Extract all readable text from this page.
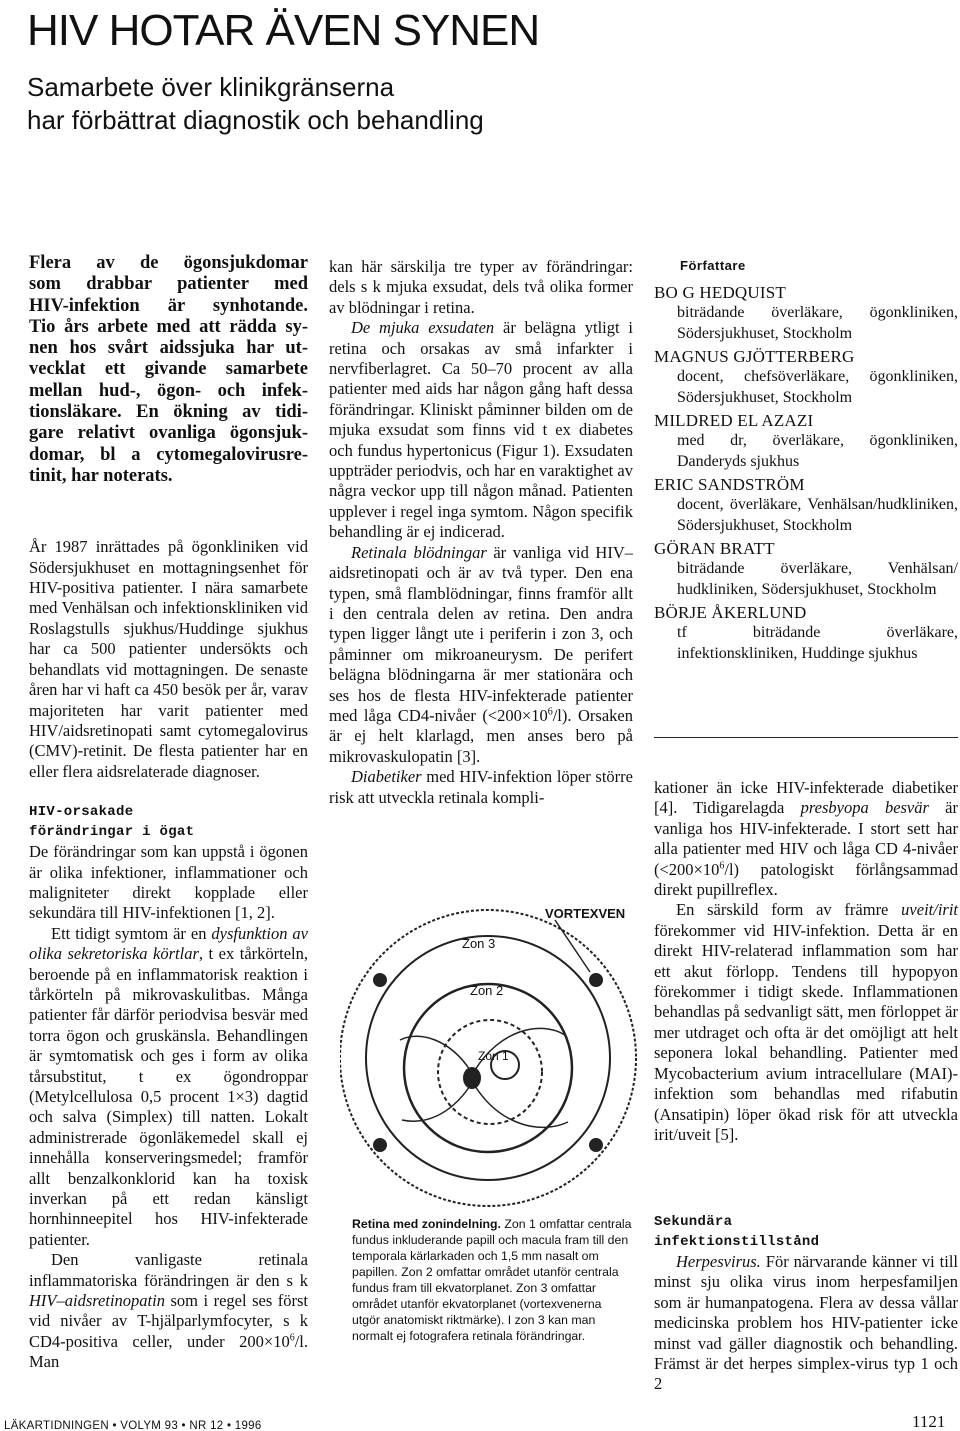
HIV HOTAR ÄVEN SYNEN
Samarbete över klinikgränserna
har förbättrat diagnostik och behandling
Flera av de ögonsjukdomar
som drabbar patienter med
HIV-infektion är synhotande.
Tio års arbete med att rädda sy-
nen hos svårt aidssjuka har ut-
vecklat ett givande samarbete
mellan hud-, ögon- och infek-
tionsläkare. En ökning av tidi-
gare relativt ovanliga ögonsjuk-
domar, bl a cytomegalovirusre-
tinit, har noterats.

År 1987 inrättades på ögonkliniken vid Södersjukhuset en mottagningsenhet för HIV-positiva patienter. I nära samarbete med Venhälsan och infektionskliniken vid Roslagstulls sjukhus/Huddinge sjukhus har ca 500 patienter undersökts och behandlats vid mottagningen. De senaste åren har vi haft ca 450 besök per år, varav majoriteten har varit patienter med HIV/aidsretinopati samt cytomegalovirus (CMV)-retinit. De flesta patienter har en eller flera aidsrelaterade diagnoser.

HIV-orsakade
förändringar i ögat

De förändringar som kan uppstå i ögonen är olika infektioner, inflammationer och maligniteter direkt kopplade eller sekundära till HIV-infektionen [1, 2].

Ett tidigt symtom är en dysfunktion av olika sekretoriska körtlar, t ex tårkörteln, beroende på en inflammatorisk reaktion i tårkörteln på mikrovaskulitbas. Många patienter får därför periodvisa besvär med torra ögon och gruskänsla. Behandlingen är symtomatisk och ges i form av olika tårsubstitut, t ex ögondroppar (Metylcellulosa 0,5 procent 1×3) dagtid och salva (Simplex) till natten. Lokalt administrerade ögonläkemedel skall ej innehålla konserveringsmedel; framför allt benzalkonklorid kan ha toxisk inverkan på ett redan känsligt hornhinneepitel hos HIV-infekterade patienter.

Den vanligaste retinala inflammatoriska förändringen är den s k HIV–aidsretinopatin som i regel ses först vid nivåer av T-hjälparlymfocyter, s k CD4-positiva celler, under $200\times 10^6/l$. Man

kan här särskilja tre typer av förändringar: dels s k mjuka exsudat, dels två olika former av blödningar i retina.

De mjuka exsudaten är belägna ytligt i retina och orsakas av små infarkter i nervfiberlagret. Ca 50–70 procent av alla patienter med aids har någon gång haft dessa förändringar. Kliniskt påminner bilden om de mjuka exsudat som finns vid t ex diabetes och fundus hypertonicus (Figur 1). Exsudaten uppträder periodvis, och har en varaktighet av några veckor upp till någon månad. Patienten upplever i regel inga symtom. Någon specifik behandling är ej indicerad.

Retinala blödningar är vanliga vid HIV–aidsretinopati och är av två typer. Den ena typen, små flamblödningar, finns framför allt i den centrala delen av retina. Den andra typen ligger långt ute i periferin i zon 3, och påminner om mikroaneurysm. De perifert belägna blödningarna är mer stationära och ses hos de flesta HIV-infekterade patienter med låga CD4-nivåer $(<200\times 10^6/l)$. Orsaken är ej helt klarlagd, men anses bero på mikrovaskulopatin [3].

Diabetiker med HIV-infektion löper större risk att utveckla retinala kompli-

VORTEXVEN
Zon 3
Zon 2
Zon 1
Retina med zonindelning. Zon 1 omfattar centrala fundus inkluderande papill och macula fram till den temporala kärlarkaden och 1,5 mm nasalt om papillen. Zon 2 omfattar området utanför centrala fundus fram till ekvatorplanet. Zon 3 omfattar området utanför ekvatorplanet (vortexvenerna utgör anatomiskt riktmärke). I zon 3 kan man normalt ej fotografera retinala förändringar.
Författare
BO G HEDQUIST
biträdande överläkare, ögonkliniken, Södersjukhuset, Stockholm
MAGNUS GJÖTTERBERG
docent, chefsöverläkare, ögonkliniken, Södersjukhuset, Stockholm
MILDRED EL AZAZI
med dr, överläkare, ögonkliniken, Danderyds sjukhus
ERIC SANDSTRÖM
docent, överläkare, Venhälsan/hudkliniken, Södersjukhuset, Stockholm
GÖRAN BRATT
biträdande överläkare, Venhälsan/ hudkliniken, Södersjukhuset, Stockholm
BÖRJE ÅKERLUND
tf biträdande överläkare, infektionskliniken, Huddinge sjukhus

kationer än icke HIV-infekterade diabetiker [4]. Tidigarelagda presbyopa besvär är vanliga hos HIV-infekterade. I stort sett har alla patienter med HIV och låga CD 4-nivåer $(<200\times 10^6/l)$ patologiskt förlångsammad direkt pupillreflex.

En särskild form av främre uveit/irit förekommer vid HIV-infektion. Detta är en direkt HIV-relaterad inflammation som har ett akut förlopp. Tendens till hypopyon förekommer i tidigt skede. Inflammationen behandlas på sedvanligt sätt, men förloppet är mer utdraget och ofta är det omöjligt att helt seponera lokal behandling. Patienter med Mycobacterium avium intracellulare (MAI)-infektion som behandlas med rifabutin (Ansatipin) löper ökad risk för att utveckla irit/uveit [5].

Sekundära
infektionstillstånd

Herpesvirus. För närvarande känner vi till minst sju olika virus inom herpesfamiljen som är humanpatogena. Flera av dessa vållar medicinska problem hos HIV-patienter icke minst vad gäller diagnostik och behandling. Främst är det herpes simplex-virus typ 1 och 2

LÄKARTIDNINGEN • VOLYM 93 • NR 12 • 1996	1121
